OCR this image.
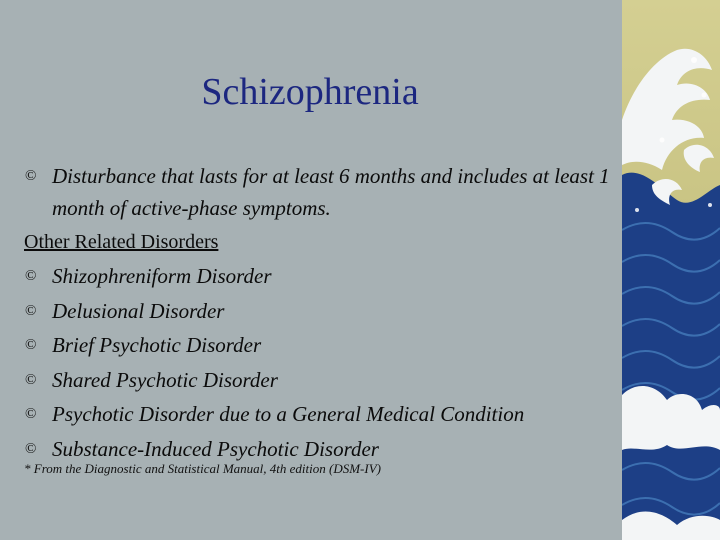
Schizophrenia
© Disturbance that lasts for at least 6 months and includes at least 1 month of active-phase symptoms.
Other Related Disorders
© Shizophreniform Disorder
© Delusional Disorder
© Brief Psychotic Disorder
© Shared Psychotic Disorder
© Psychotic Disorder due to a General Medical Condition
© Substance-Induced Psychotic Disorder
* From the Diagnostic and Statistical Manual, 4th edition (DSM-IV)
